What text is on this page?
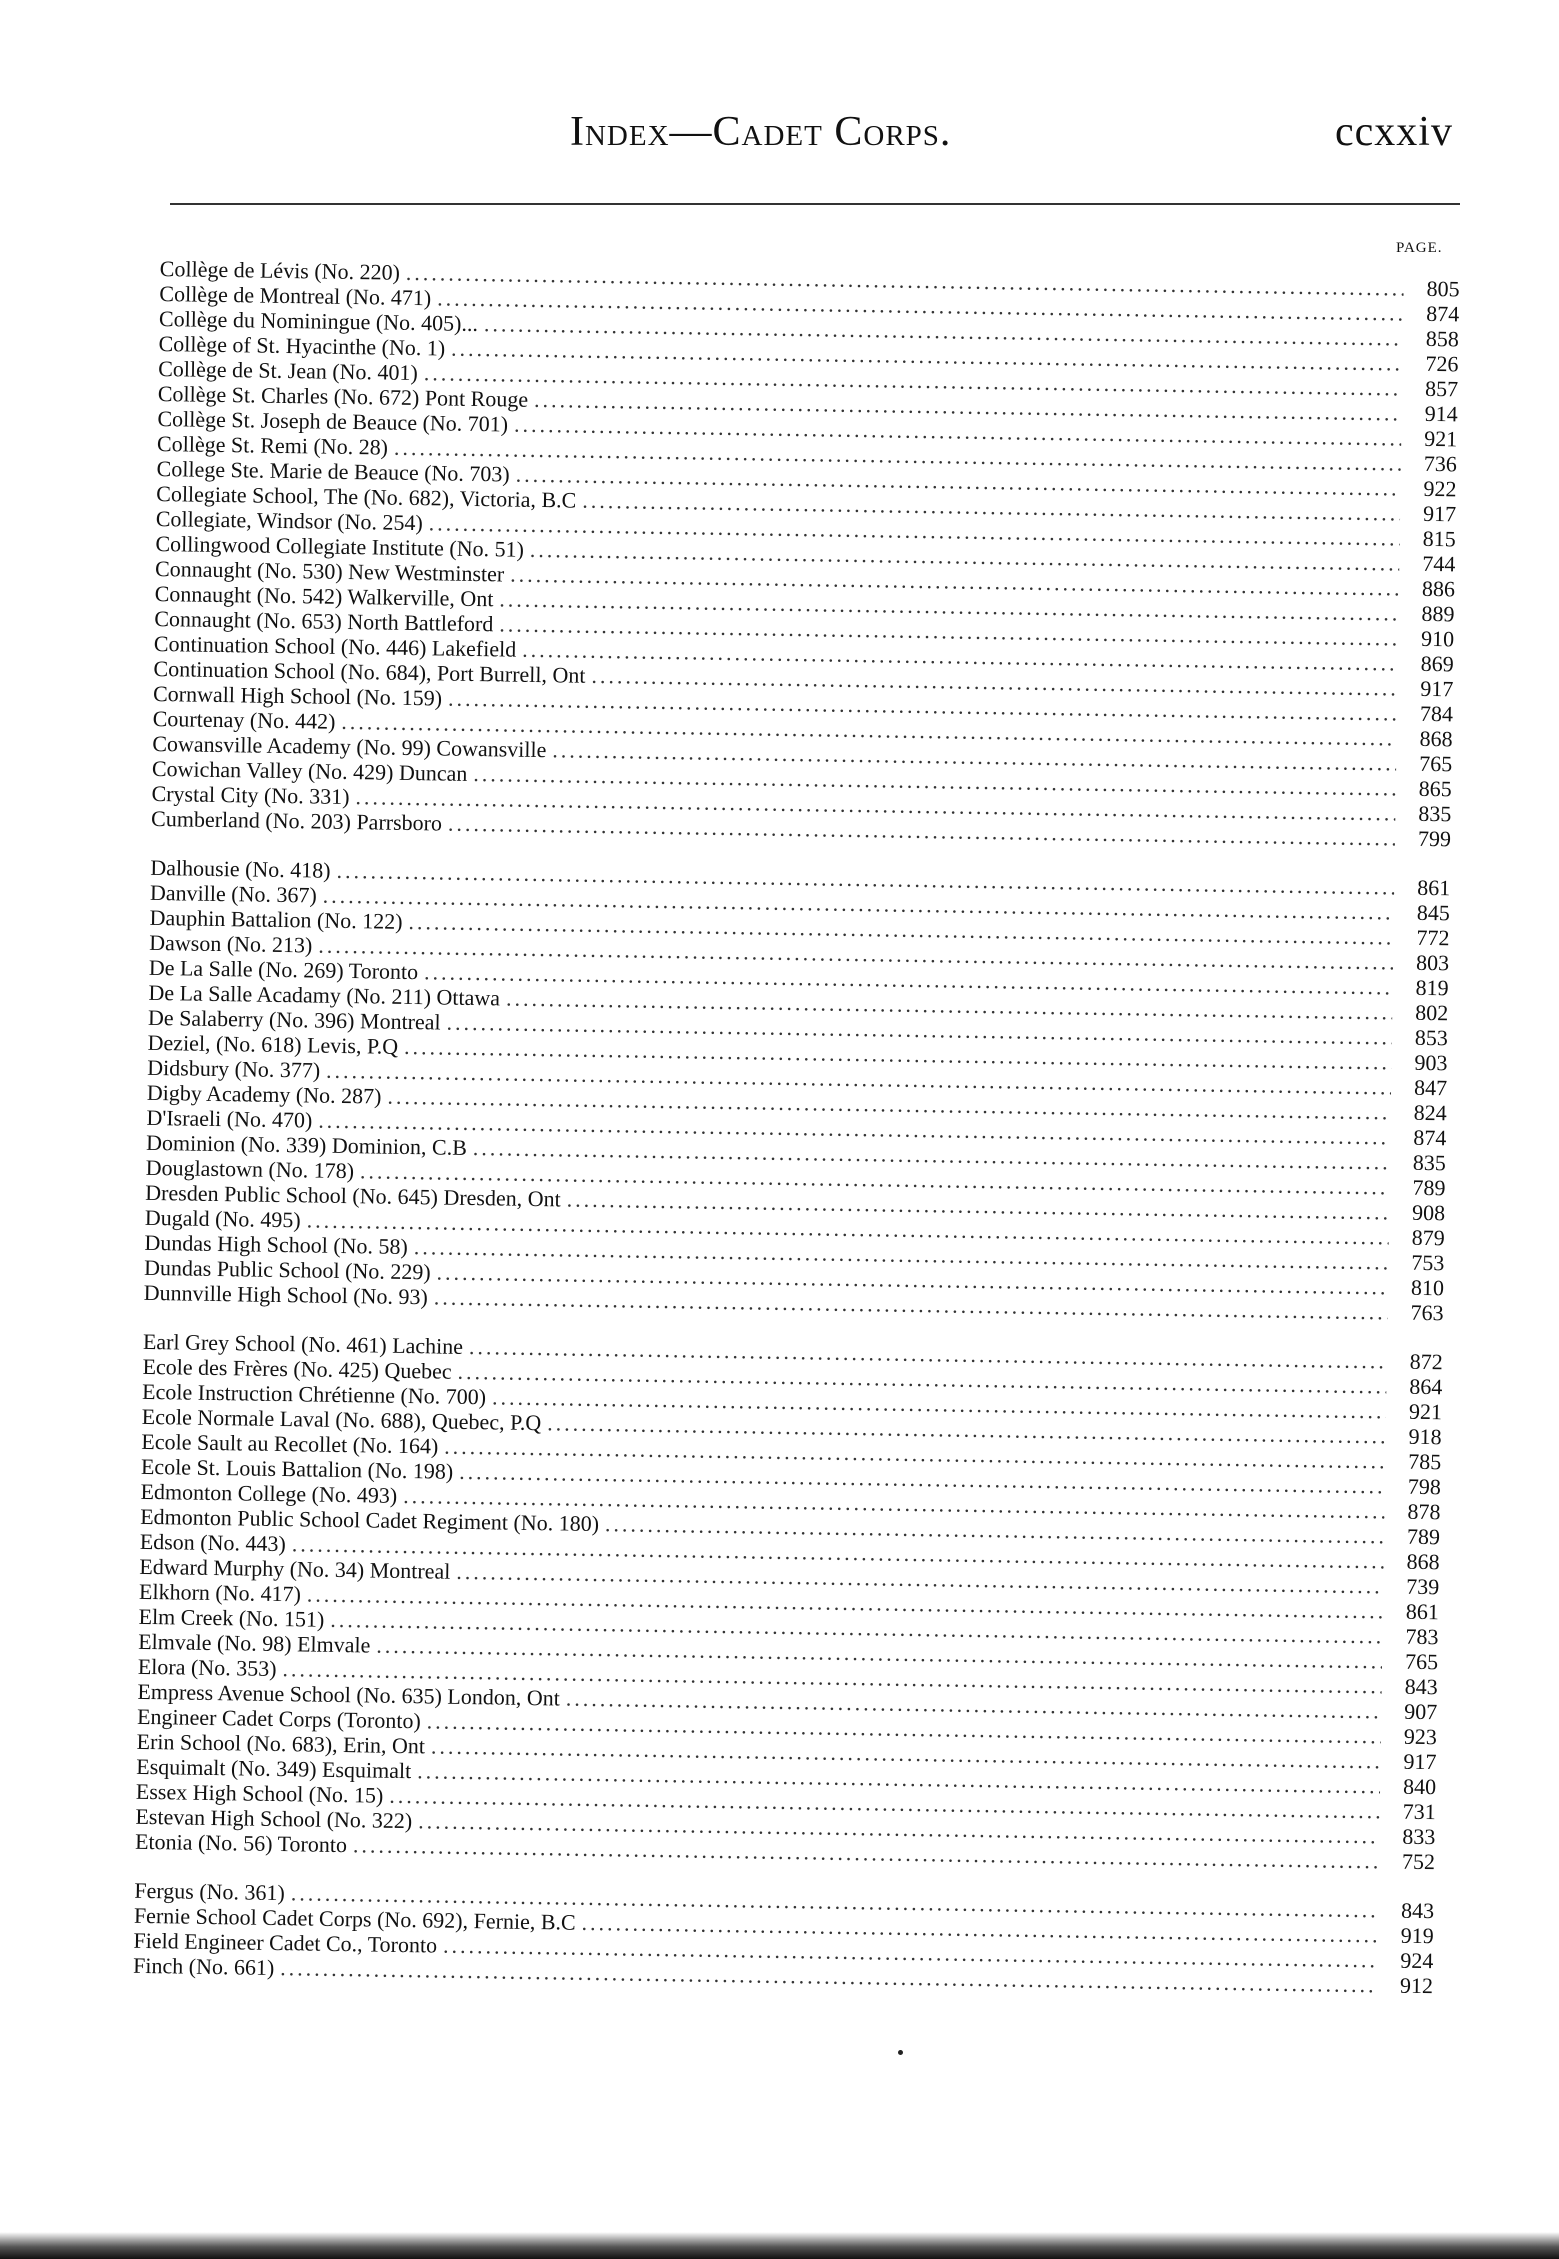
Index—Cadet Corps.	ccxxiv
PAGE.
Collège de Lévis (No. 220)
.....
805
Collège de Montreal (No. 471)
.....
874
Collège du Nominingue (No. 405)...
.....
858
Collège of St. Hyacinthe (No. 1)
.....
726
Collège de St. Jean (No. 401)
.....
857
Collège St. Charles (No. 672) Pont Rouge
.....
914
Collège St. Joseph de Beauce (No. 701)
.....
921
Collège St. Remi (No. 28)
.....
736
College Ste. Marie de Beauce (No. 703)
.....
922
Collegiate School, The (No. 682), Victoria, B.C
.....
917
Collegiate, Windsor (No. 254)
.....
815
Collingwood Collegiate Institute (No. 51)
.....
744
Connaught (No. 530) New Westminster
.....
886
Connaught (No. 542) Walkerville, Ont
.....
889
Connaught (No. 653) North Battleford
.....
910
Continuation School (No. 446) Lakefield
.....
869
Continuation School (No. 684), Port Burrell, Ont
.....
917
Cornwall High School (No. 159)
.....
784
Courtenay (No. 442)
.....
868
Cowansville Academy (No. 99) Cowansville
.....
765
Cowichan Valley (No. 429) Duncan
.....
865
Crystal City (No. 331)
.....
835
Cumberland (No. 203) Parrsboro
.....
799
Dalhousie (No. 418)
.....
861
Danville (No. 367)
.....
845
Dauphin Battalion (No. 122)
.....
772
Dawson (No. 213)
.....
803
De La Salle (No. 269) Toronto
.....
819
De La Salle Acadamy (No. 211) Ottawa
.....
802
De Salaberry (No. 396) Montreal
.....
853
Deziel, (No. 618) Levis, P.Q
.....
903
Didsbury (No. 377)
.....
847
Digby Academy (No. 287)
.....
824
D'Israeli (No. 470)
.....
874
Dominion (No. 339) Dominion, C.B
.....
835
Douglastown (No. 178)
.....
789
Dresden Public School (No. 645) Dresden, Ont
.....
908
Dugald (No. 495)
.....
879
Dundas High School (No. 58)
.....
753
Dundas Public School (No. 229)
.....
810
Dunnville High School (No. 93)
.....
763
Earl Grey School (No. 461) Lachine
.....
872
Ecole des Frères (No. 425) Quebec
.....
864
Ecole Instruction Chrétienne (No. 700)
.....
921
Ecole Normale Laval (No. 688), Quebec, P.Q
.....
918
Ecole Sault au Recollet (No. 164)
.....
785
Ecole St. Louis Battalion (No. 198)
.....
798
Edmonton College (No. 493)
.....
878
Edmonton Public School Cadet Regiment (No. 180)
.....
789
Edson (No. 443)
.....
868
Edward Murphy (No. 34) Montreal
.....
739
Elkhorn (No. 417)
.....
861
Elm Creek (No. 151)
.....
783
Elmvale (No. 98) Elmvale
.....
765
Elora (No. 353)
.....
843
Empress Avenue School (No. 635) London, Ont
.....
907
Engineer Cadet Corps (Toronto)
.....
923
Erin School (No. 683), Erin, Ont
.....
917
Esquimalt (No. 349) Esquimalt
.....
840
Essex High School (No. 15)
.....
731
Estevan High School (No. 322)
.....
833
Etonia (No. 56) Toronto
.....
752
Fergus (No. 361)
.....
843
Fernie School Cadet Corps (No. 692), Fernie, B.C
.....
919
Field Engineer Cadet Co., Toronto
.....
924
Finch (No. 661)
.....
912
